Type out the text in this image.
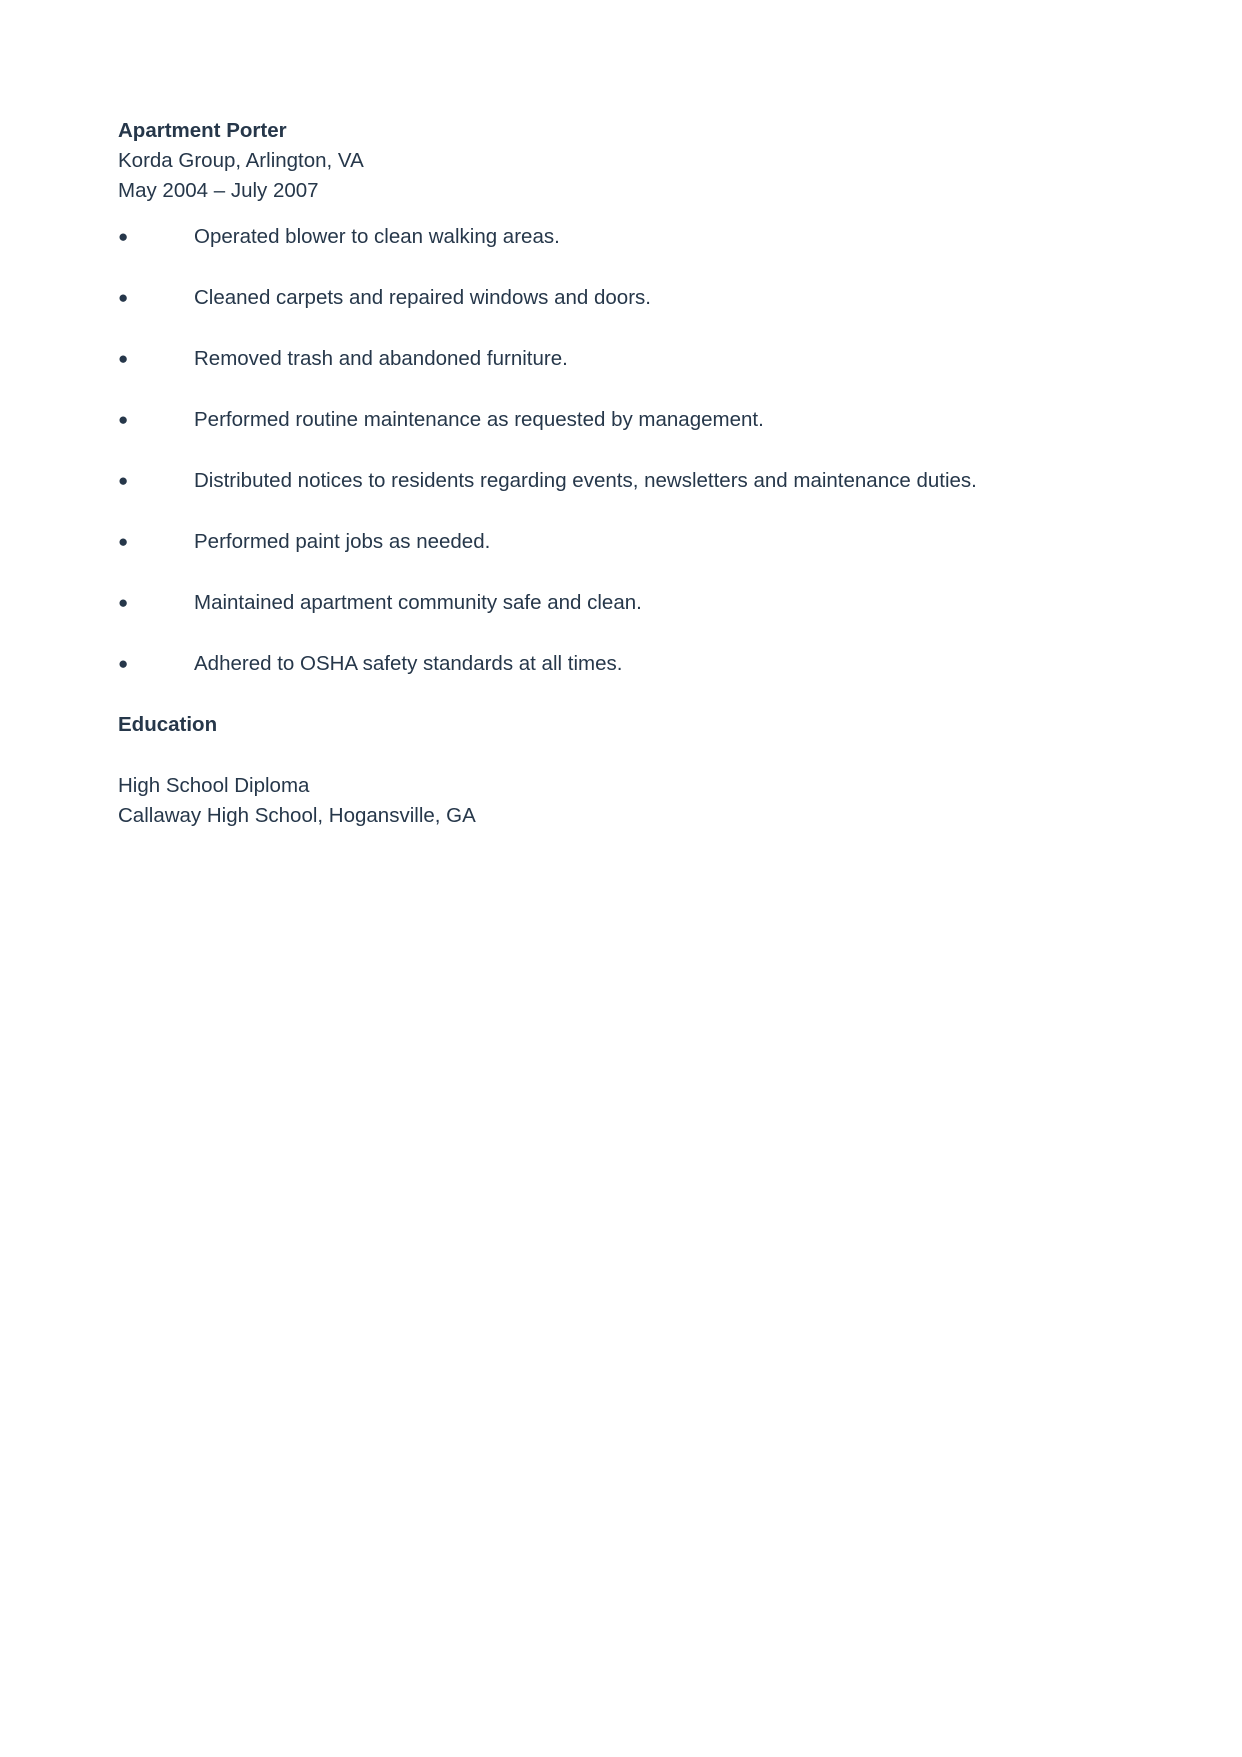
Apartment Porter
Korda Group, Arlington, VA
May 2004 – July 2007
●	Operated blower to clean walking areas.
●	Cleaned carpets and repaired windows and doors.
●	Removed trash and abandoned furniture.
●	Performed routine maintenance as requested by management.
●	Distributed notices to residents regarding events, newsletters and maintenance duties.
●	Performed paint jobs as needed.
●	Maintained apartment community safe and clean.
●	Adhered to OSHA safety standards at all times.
Education
High School Diploma
Callaway High School, Hogansville, GA
